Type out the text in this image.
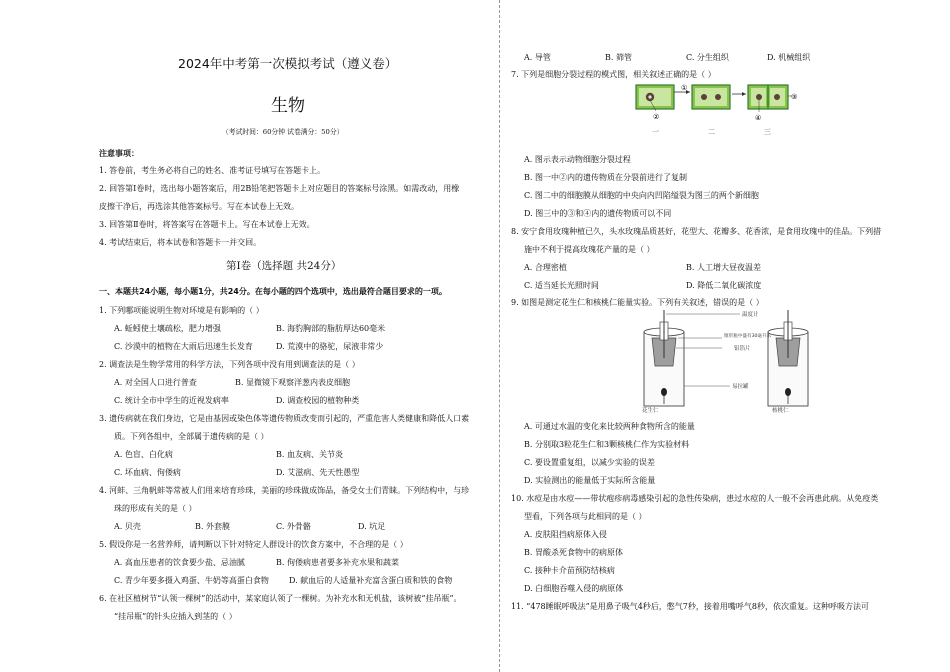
2024年中考第一次模拟考试（遵义卷）
生物
（考试时间：60分钟 试卷满分：50分）
注意事项：
1. 答卷前，考生务必将自己的姓名、准考证号填写在答题卡上。
2. 回答第Ⅰ卷时，选出每小题答案后，用2B铅笔把答题卡上对应题目的答案标号涂黑。如需改动，用橡
皮擦干净后，再选涂其他答案标号。写在本试卷上无效。
3. 回答第Ⅱ卷时，将答案写在答题卡上。写在本试卷上无效。
4. 考试结束后，将本试卷和答题卡一并交回。
第Ⅰ卷（选择题 共24分）
一、本题共24小题，每小题1分，共24分。在每小题的四个选项中，选出最符合题目要求的一项。
1. 下列哪项能说明生物对环境是有影响的（ ）
A. 蚯蚓使土壤疏松，肥力增强	B. 海豹胸部的脂肪厚达60毫米
C. 沙漠中的植物在大雨后迅速生长发育	D. 荒漠中的骆驼，尿液非常少
2. 调查法是生物学常用的科学方法，下列各项中没有用到调查法的是（ ）
A. 对全国人口进行普查	B. 显微镜下观察洋葱内表皮细胞
C. 统计全市中学生的近视发病率	D. 调查校园的植物种类
3. 遗传病就在我们身边，它是由基因或染色体等遗传物质改变而引起的，严重危害人类健康和降低人口素
质。下列各组中，全部属于遗传病的是（ ）
A. 色盲、白化病	B. 血友病、关节炎
C. 坏血病、佝偻病	D. 艾滋病、先天性愚型
4. 河蚌、三角帆蚌等常被人们用来培育珍珠，美丽的珍珠做成饰品，备受女士们青睐。下列结构中，与珍
珠的形成有关的是（ ）
A. 贝壳	B. 外套膜	C. 外骨骼	D. 坑足
5. 假设你是一名营养师，请判断以下针对特定人群设计的饮食方案中，不合理的是（ ）
A. 高血压患者的饮食要少盐、忌油腻	B. 佝偻病患者要多补充水果和蔬菜
C. 青少年要多摄入鸡蛋、牛奶等高蛋白食物	D. 献血后的人适量补充富含蛋白质和铁的食物
6. 在社区植树节“认领一棵树”的活动中，某家庭认领了一棵树。为补充水和无机盐，该树被“挂吊瓶”。
“挂吊瓶”的针头应插入到茎的（ ）
A. 导管	B. 筛管	C. 分生组织	D. 机械组织
7. 下列是细胞分裂过程的模式图，相关叙述正确的是（ ）
①
②
③
④
一	二	三
A. 图示表示动物细胞分裂过程
B. 图一中②内的遗传物质在分裂前进行了复制
C. 图二中的细胞膜从细胞的中央向内凹陷缢裂为图三的两个新细胞
D. 图三中的③和④内的遗传物质可以不同
8. 安宁食用玫瑰种植已久，头水玫瑰品质甚好，花型大、花瓣多、花香浓，是食用玫瑰中的佳品。下列措
施中不利于提高玫瑰花产量的是（ ）
A. 合理密植	B. 人工增大昼夜温差
C. 适当延长光照时间	D. 降低二氧化碳浓度
9. 如图是测定花生仁和核桃仁能量实验。下列有关叙述，错误的是（ ）
温度计
锥形瓶中盛有30毫升水
铝箔片
易拉罐
花生仁	核桃仁
A. 可通过水温的变化来比较两种食物所含的能量
B. 分别取3粒花生仁和3颗核桃仁作为实验材料
C. 要设置重复组，以减少实验的误差
D. 实验测出的能量低于实际所含能量
10. 水痘是由水痘——带状疱疹病毒感染引起的急性传染病，患过水痘的人一般不会再患此病。从免疫类
型看，下列各项与此相同的是（ ）
A. 皮肤阻挡病原体入侵
B. 胃酸杀死食物中的病原体
C. 接种卡介苗预防结核病
D. 白细胞吞噬入侵的病原体
11. “478睡眠呼吸法”是用鼻子吸气4秒后，憋气7秒，接着用嘴呼气8秒，依次重复。这种呼吸方法可
